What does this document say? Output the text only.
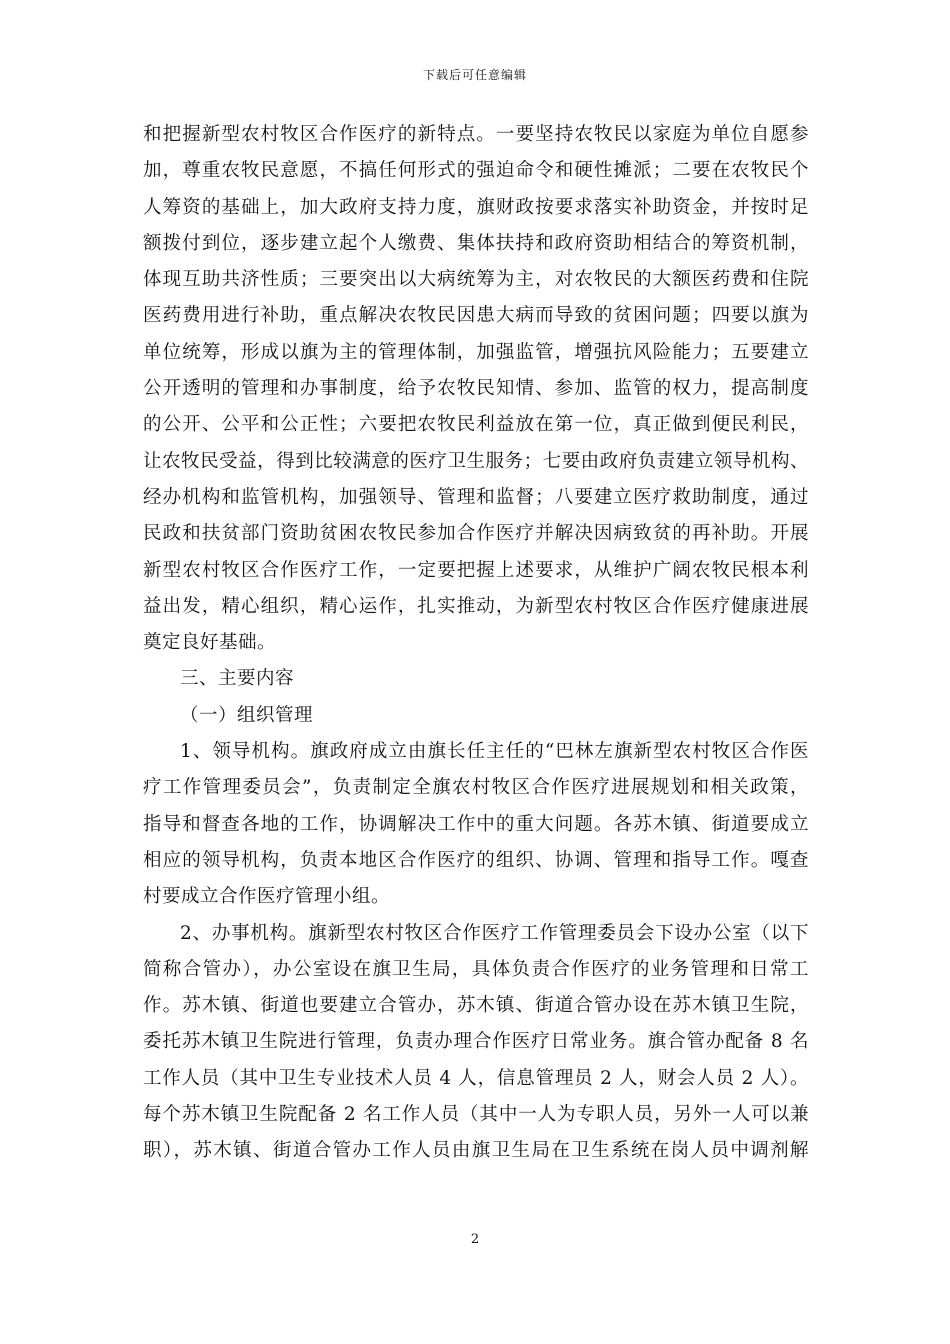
下载后可任意编辑
和把握新型农村牧区合作医疗的新特点。一要坚持农牧民以家庭为单位自愿参
加，尊重农牧民意愿，不搞任何形式的强迫命令和硬性摊派；二要在农牧民个
人筹资的基础上，加大政府支持力度，旗财政按要求落实补助资金，并按时足
额拨付到位，逐步建立起个人缴费、集体扶持和政府资助相结合的筹资机制，
体现互助共济性质；三要突出以大病统筹为主，对农牧民的大额医药费和住院
医药费用进行补助，重点解决农牧民因患大病而导致的贫困问题；四要以旗为
单位统筹，形成以旗为主的管理体制，加强监管，增强抗风险能力；五要建立
公开透明的管理和办事制度，给予农牧民知情、参加、监管的权力，提高制度
的公开、公平和公正性；六要把农牧民利益放在第一位，真正做到便民利民，
让农牧民受益，得到比较满意的医疗卫生服务；七要由政府负责建立领导机构、
经办机构和监管机构，加强领导、管理和监督；八要建立医疗救助制度，通过
民政和扶贫部门资助贫困农牧民参加合作医疗并解决因病致贫的再补助。开展
新型农村牧区合作医疗工作，一定要把握上述要求，从维护广阔农牧民根本利
益出发，精心组织，精心运作，扎实推动，为新型农村牧区合作医疗健康进展
奠定良好基础。
三、主要内容
（一）组织管理
1、领导机构。旗政府成立由旗长任主任的“巴林左旗新型农村牧区合作医
疗工作管理委员会”，负责制定全旗农村牧区合作医疗进展规划和相关政策，
指导和督查各地的工作，协调解决工作中的重大问题。各苏木镇、街道要成立
相应的领导机构，负责本地区合作医疗的组织、协调、管理和指导工作。嘎查
村要成立合作医疗管理小组。
2、办事机构。旗新型农村牧区合作医疗工作管理委员会下设办公室（以下
简称合管办），办公室设在旗卫生局，具体负责合作医疗的业务管理和日常工
作。苏木镇、街道也要建立合管办，苏木镇、街道合管办设在苏木镇卫生院，
委托苏木镇卫生院进行管理，负责办理合作医疗日常业务。旗合管办配备 8 名
工作人员（其中卫生专业技术人员 4 人，信息管理员 2 人，财会人员 2 人）。
每个苏木镇卫生院配备 2 名工作人员（其中一人为专职人员，另外一人可以兼
职），苏木镇、街道合管办工作人员由旗卫生局在卫生系统在岗人员中调剂解
2
